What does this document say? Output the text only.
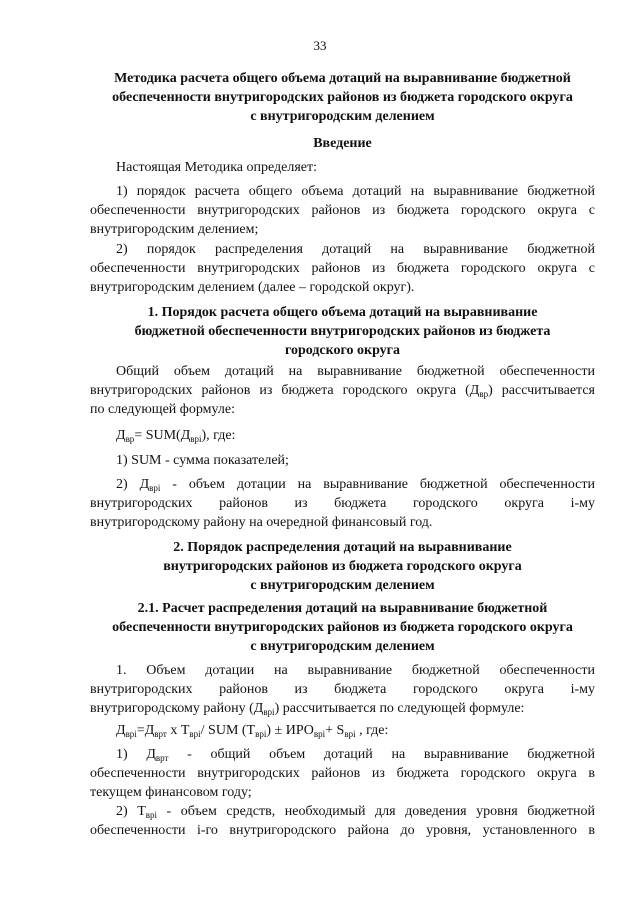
33
Методика расчета общего объема дотаций на выравнивание бюджетной
обеспеченности внутригородских районов из бюджета городского округа
с внутригородским делением
Введение
Настоящая Методика определяет:
1) порядок расчета общего объема дотаций на выравнивание бюджетной
обеспеченности внутригородских районов из бюджета городского округа с
внутригородским делением;
2) порядок распределения дотаций на выравнивание бюджетной
обеспеченности внутригородских районов из бюджета городского округа с
внутригородским делением (далее – городской округ).
1. Порядок расчета общего объема дотаций на выравнивание
бюджетной обеспеченности внутригородских районов из бюджета
городского округа
Общий объем дотаций на выравнивание бюджетной обеспеченности
внутригородских районов из бюджета городского округа $(Д_{вр})$ рассчитывается
по следующей формуле:
$Д_{вр}= SUM(Д_{врi})$, где:
1) SUM - сумма показателей;
2) $Д_{врi}$ - объем дотации на выравнивание бюджетной обеспеченности
внутригородских районов из бюджета городского округа i-му
внутригородскому району на очередной финансовый год.
2. Порядок распределения дотаций на выравнивание
внутригородских районов из бюджета городского округа
с внутригородским делением
2.1. Расчет распределения дотаций на выравнивание бюджетной
обеспеченности внутригородских районов из бюджета городского округа
с внутригородским делением
1. Объем дотации на выравнивание бюджетной обеспеченности
внутригородских районов из бюджета городского округа i-му
внутригородскому району $(Д_{врi})$ рассчитывается по следующей формуле:
$Д_{врi}=Д_{врт}$ х $Т_{врi}/$ SUM $(Т_{врi}) \pm ИРО_{врi}+ S_{врi}$ , где:
1) $Д_{врт}$ - общий объем дотаций на выравнивание бюджетной
обеспеченности внутригородских районов из бюджета городского округа в
текущем финансовом году;
2) $Т_{врi}$ - объем средств, необходимый для доведения уровня бюджетной
обеспеченности i-го внутригородского района до уровня, установленного в
